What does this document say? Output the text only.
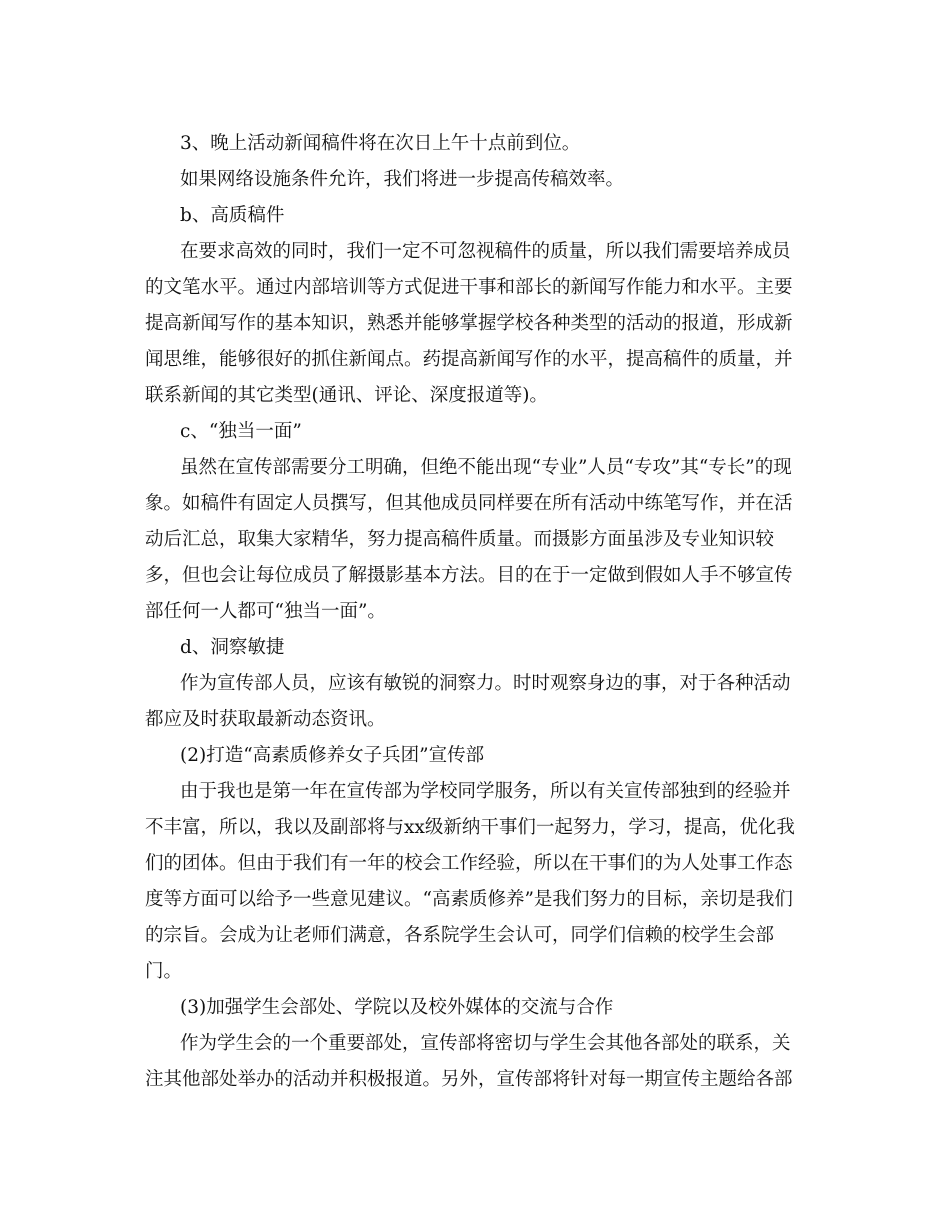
3、晚上活动新闻稿件将在次日上午十点前到位。
如果网络设施条件允许，我们将进一步提高传稿效率。
b、高质稿件
在要求高效的同时，我们一定不可忽视稿件的质量，所以我们需要培养成员
的文笔水平。通过内部培训等方式促进干事和部长的新闻写作能力和水平。主要
提高新闻写作的基本知识，熟悉并能够掌握学校各种类型的活动的报道，形成新
闻思维，能够很好的抓住新闻点。药提高新闻写作的水平，提高稿件的质量，并
联系新闻的其它类型(通讯、评论、深度报道等)。
c、“独当一面”
虽然在宣传部需要分工明确，但绝不能出现“专业”人员“专攻”其“专长”的现
象。如稿件有固定人员撰写，但其他成员同样要在所有活动中练笔写作，并在活
动后汇总，取集大家精华，努力提高稿件质量。而摄影方面虽涉及专业知识较
多，但也会让每位成员了解摄影基本方法。目的在于一定做到假如人手不够宣传
部任何一人都可“独当一面”。
d、洞察敏捷
作为宣传部人员，应该有敏锐的洞察力。时时观察身边的事，对于各种活动
都应及时获取最新动态资讯。
(2)打造“高素质修养女子兵团”宣传部
由于我也是第一年在宣传部为学校同学服务，所以有关宣传部独到的经验并
不丰富，所以，我以及副部将与xx级新纳干事们一起努力，学习，提高，优化我
们的团体。但由于我们有一年的校会工作经验，所以在干事们的为人处事工作态
度等方面可以给予一些意见建议。“高素质修养”是我们努力的目标，亲切是我们
的宗旨。会成为让老师们满意，各系院学生会认可，同学们信赖的校学生会部
门。
(3)加强学生会部处、学院以及校外媒体的交流与合作
作为学生会的一个重要部处，宣传部将密切与学生会其他各部处的联系，关
注其他部处举办的活动并积极报道。另外，宣传部将针对每一期宣传主题给各部
